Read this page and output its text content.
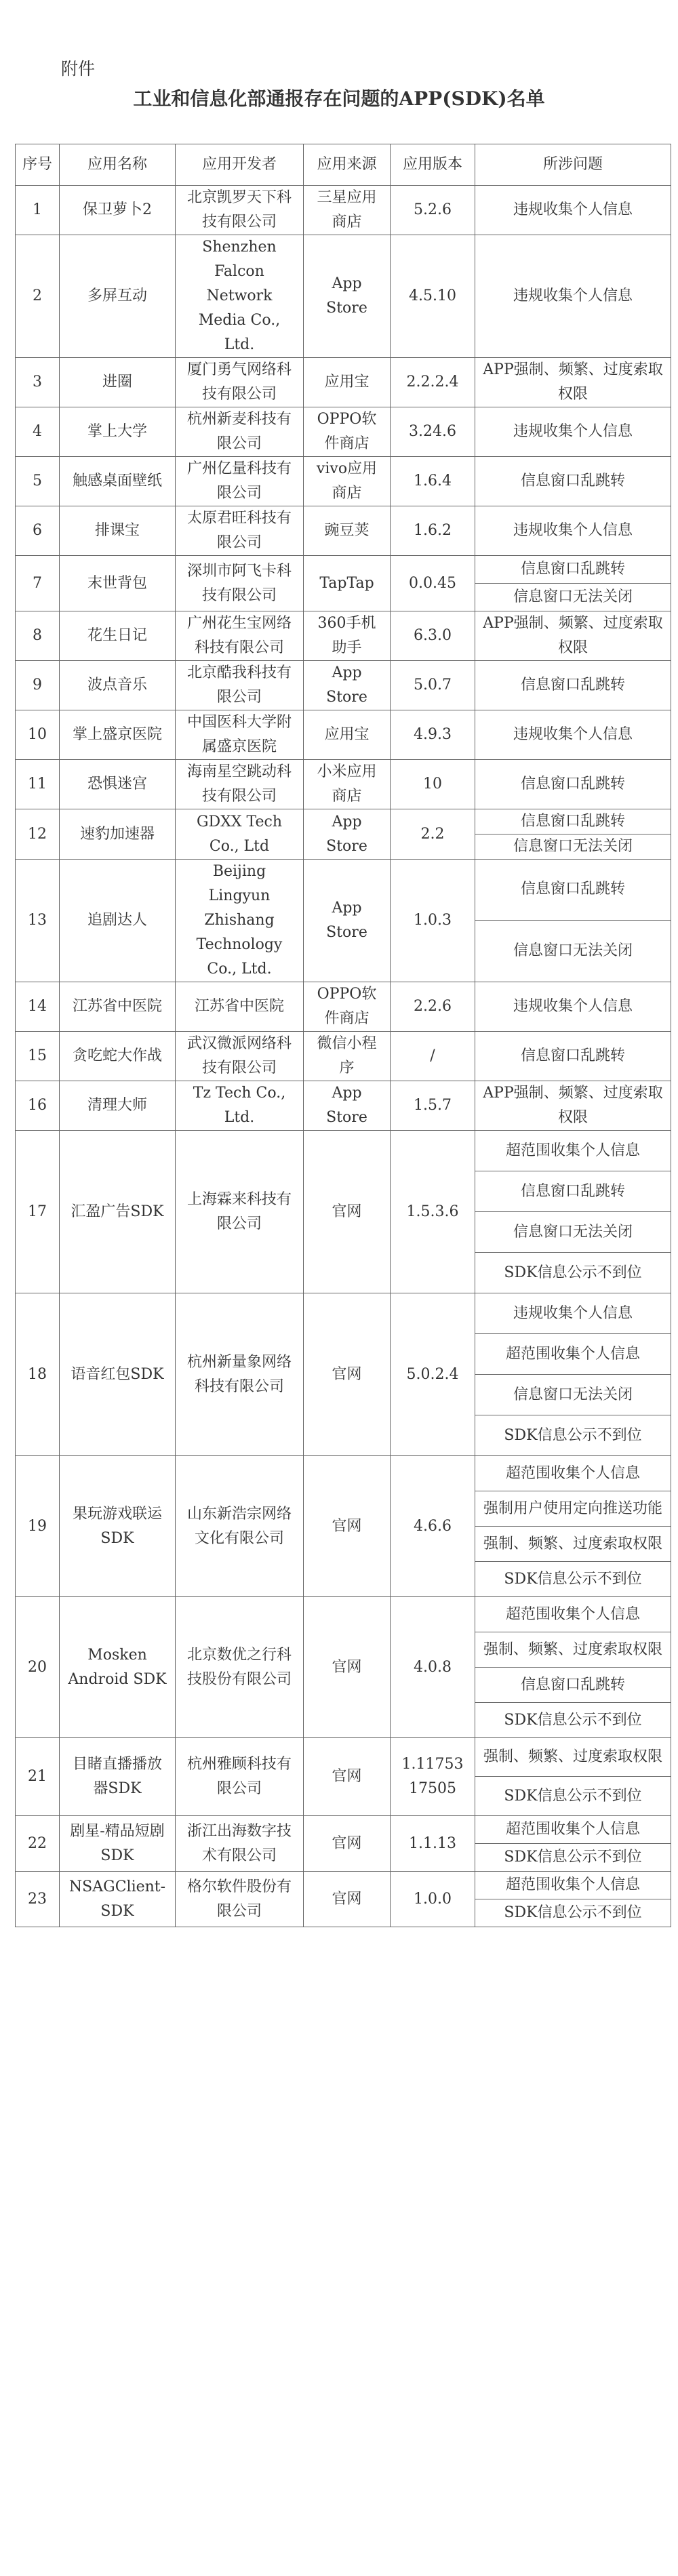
附件
工业和信息化部通报存在问题的APP(SDK)名单
序号	应用名称	应用开发者	应用来源	应用版本	所涉问题
1	保卫萝卜2	北京凯罗天下科技有限公司	三星应用商店	5.2.6	违规收集个人信息
2	多屏互动	Shenzhen Falcon Network Media Co., Ltd.	App Store	4.5.10	违规收集个人信息
3	进圈	厦门勇气网络科技有限公司	应用宝	2.2.2.4	APP强制、频繁、过度索取权限
4	掌上大学	杭州新麦科技有限公司	OPPO软件商店	3.24.6	违规收集个人信息
5	触感桌面壁纸	广州亿量科技有限公司	vivo应用商店	1.6.4	信息窗口乱跳转
6	排课宝	太原君旺科技有限公司	豌豆荚	1.6.2	违规收集个人信息
7	末世背包	深圳市阿飞卡科技有限公司	TapTap	0.0.45	信息窗口乱跳转
					信息窗口无法关闭
8	花生日记	广州花生宝网络科技有限公司	360手机助手	6.3.0	APP强制、频繁、过度索取权限
9	波点音乐	北京酷我科技有限公司	App Store	5.0.7	信息窗口乱跳转
10	掌上盛京医院	中国医科大学附属盛京医院	应用宝	4.9.3	违规收集个人信息
11	恐惧迷宫	海南星空跳动科技有限公司	小米应用商店	10	信息窗口乱跳转
12	速豹加速器	GDXX Tech Co., Ltd	App Store	2.2	信息窗口乱跳转
					信息窗口无法关闭
13	追剧达人	Beijing Lingyun Zhishang Technology Co., Ltd.	App Store	1.0.3	信息窗口乱跳转
					信息窗口无法关闭
14	江苏省中医院	江苏省中医院	OPPO软件商店	2.2.6	违规收集个人信息
15	贪吃蛇大作战	武汉微派网络科技有限公司	微信小程序	/	信息窗口乱跳转
16	清理大师	Tz Tech Co., Ltd.	App Store	1.5.7	APP强制、频繁、过度索取权限
17	汇盈广告SDK	上海霖来科技有限公司	官网	1.5.3.6	超范围收集个人信息
					信息窗口乱跳转
					信息窗口无法关闭
					SDK信息公示不到位
18	语音红包SDK	杭州新量象网络科技有限公司	官网	5.0.2.4	违规收集个人信息
					超范围收集个人信息
					信息窗口无法关闭
					SDK信息公示不到位
19	果玩游戏联运SDK	山东新浩宗网络文化有限公司	官网	4.6.6	超范围收集个人信息
					强制用户使用定向推送功能
					强制、频繁、过度索取权限
					SDK信息公示不到位
20	Mosken Android SDK	北京数优之行科技股份有限公司	官网	4.0.8	超范围收集个人信息
					强制、频繁、过度索取权限
					信息窗口乱跳转
					SDK信息公示不到位
21	目睹直播播放器SDK	杭州雅顾科技有限公司	官网	1.1175317505	强制、频繁、过度索取权限
					SDK信息公示不到位
22	剧星-精品短剧SDK	浙江出海数字技术有限公司	官网	1.1.13	超范围收集个人信息
					SDK信息公示不到位
23	NSAGClient-SDK	格尔软件股份有限公司	官网	1.0.0	超范围收集个人信息
					SDK信息公示不到位
